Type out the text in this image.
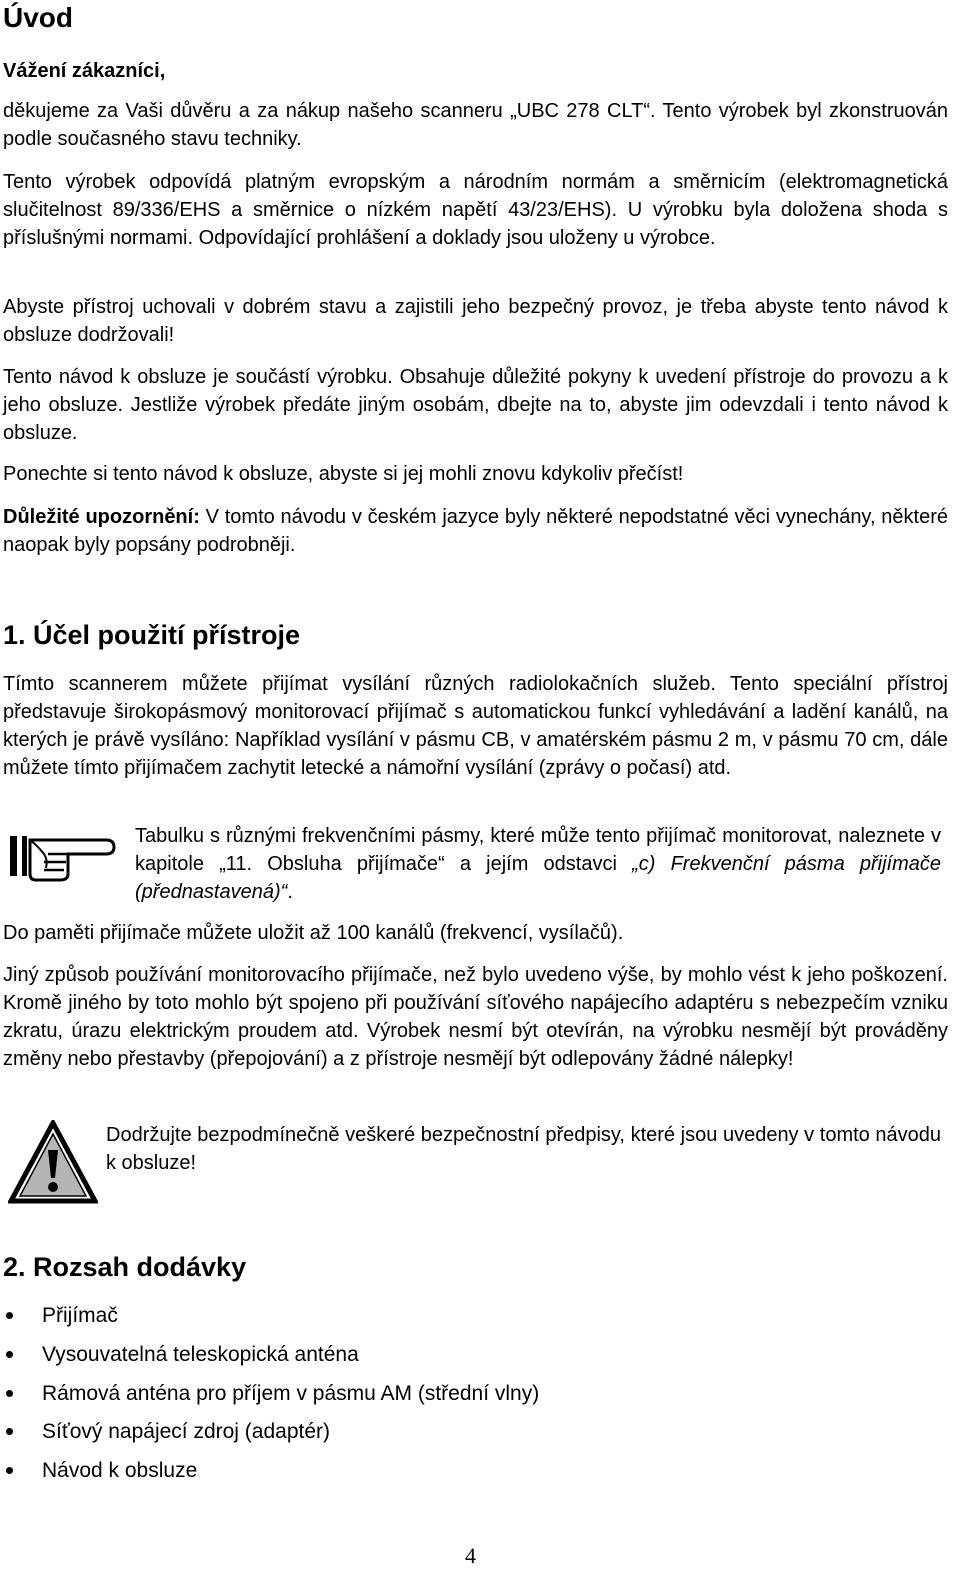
Úvod

Vážení zákazníci,

děkujeme za Vaši důvěru a za nákup našeho scanneru „UBC 278 CLT“. Tento výrobek byl zkonstruován podle současného stavu techniky.

Tento výrobek odpovídá platným evropským a národním normám a směrnicím (elektromagnetická slučitelnost 89/336/EHS a směrnice o nízkém napětí 43/23/EHS). U výrobku byla doložena shoda s příslušnými normami. Odpovídající prohlášení a doklady jsou uloženy u výrobce.

Abyste přístroj uchovali v dobrém stavu a zajistili jeho bezpečný provoz, je třeba abyste tento návod k obsluze dodržovali!

Tento návod k obsluze je součástí výrobku. Obsahuje důležité pokyny k uvedení přístroje do provozu a k jeho obsluze. Jestliže výrobek předáte jiným osobám, dbejte na to, abyste jim odevzdali i tento návod k obsluze.

Ponechte si tento návod k obsluze, abyste si jej mohli znovu kdykoliv přečíst!

Důležité upozornění: V tomto návodu v českém jazyce byly některé nepodstatné věci vynechány, některé naopak byly popsány podrobněji.

1. Účel použití přístroje

Tímto scannerem můžete přijímat vysílání různých radiolokačních služeb. Tento speciální přístroj představuje širokopásmový monitorovací přijímač s automatickou funkcí vyhledávání a ladění kanálů, na kterých je právě vysíláno: Například vysílání v pásmu CB, v amatérském pásmu 2 m, v pásmu 70 cm, dále můžete tímto přijímačem zachytit letecké a námořní vysílání (zprávy o počasí) atd.

Tabulku s různými frekvenčními pásmy, které může tento přijímač monitorovat, naleznete v kapitole „11. Obsluha přijímače“ a jejím odstavci „c) Frekvenční pásma přijímače (přednastavená)“.

Do paměti přijímače můžete uložit až 100 kanálů (frekvencí, vysílačů).

Jiný způsob používání monitorovacího přijímače, než bylo uvedeno výše, by mohlo vést k jeho poškození. Kromě jiného by toto mohlo být spojeno při používání síťového napájecího adaptéru s nebezpečím vzniku zkratu, úrazu elektrickým proudem atd. Výrobek nesmí být otevírán, na výrobku nesmějí být prováděny změny nebo přestavby (přepojování) a z přístroje nesmějí být odlepovány žádné nálepky!

Dodržujte bezpodmínečně veškeré bezpečnostní předpisy, které jsou uvedeny v tomto návodu k obsluze!

2. Rozsah dodávky
Přijímač
Vysouvatelná teleskopická anténa
Rámová anténa pro příjem v pásmu AM (střední vlny)
Síťový napájecí zdroj (adaptér)
Návod k obsluze
4
